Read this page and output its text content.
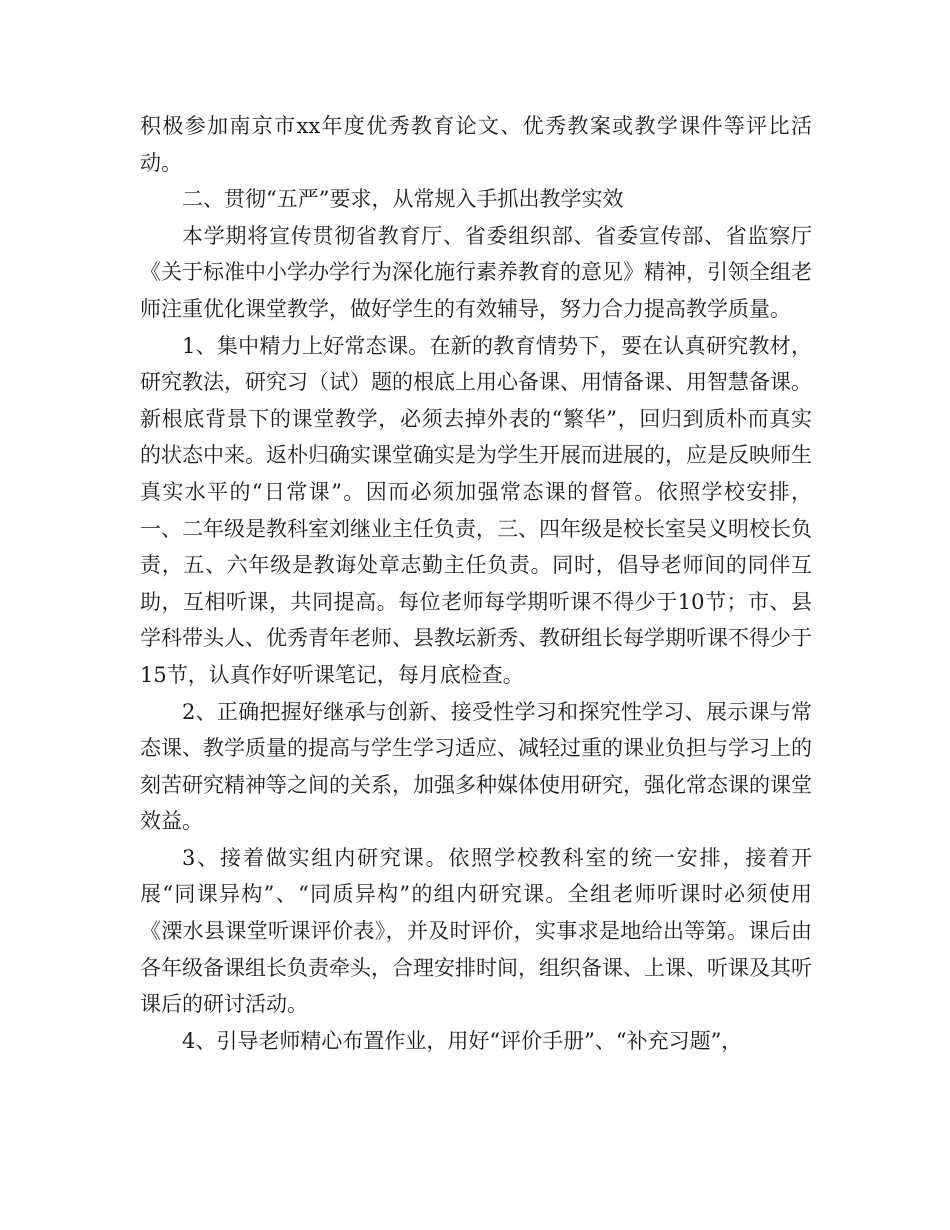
积极参加南京市xx年度优秀教育论文、优秀教案或教学课件等评比活动。

二、贯彻“五严”要求，从常规入手抓出教学实效

本学期将宣传贯彻省教育厅、省委组织部、省委宣传部、省监察厅《关于标准中小学办学行为深化施行素养教育的意见》精神，引领全组老师注重优化课堂教学，做好学生的有效辅导，努力合力提高教学质量。

1、集中精力上好常态课。在新的教育情势下，要在认真研究教材，研究教法，研究习（试）题的根底上用心备课、用情备课、用智慧备课。新根底背景下的课堂教学，必须去掉外表的“繁华”，回归到质朴而真实的状态中来。返朴归确实课堂确实是为学生开展而进展的，应是反映师生真实水平的“日常课”。因而必须加强常态课的督管。依照学校安排，一、二年级是教科室刘继业主任负责，三、四年级是校长室吴义明校长负责，五、六年级是教诲处章志勤主任负责。同时，倡导老师间的同伴互助，互相听课，共同提高。每位老师每学期听课不得少于10节；市、县学科带头人、优秀青年老师、县教坛新秀、教研组长每学期听课不得少于15节，认真作好听课笔记，每月底检查。

2、正确把握好继承与创新、接受性学习和探究性学习、展示课与常态课、教学质量的提高与学生学习适应、减轻过重的课业负担与学习上的刻苦研究精神等之间的关系，加强多种媒体使用研究，强化常态课的课堂效益。

3、接着做实组内研究课。依照学校教科室的统一安排，接着开展“同课异构”、“同质异构”的组内研究课。全组老师听课时必须使用《溧水县课堂听课评价表》，并及时评价，实事求是地给出等第。课后由各年级备课组长负责牵头，合理安排时间，组织备课、上课、听课及其听课后的研讨活动。

4、引导老师精心布置作业，用好“评价手册”、“补充习题”，
